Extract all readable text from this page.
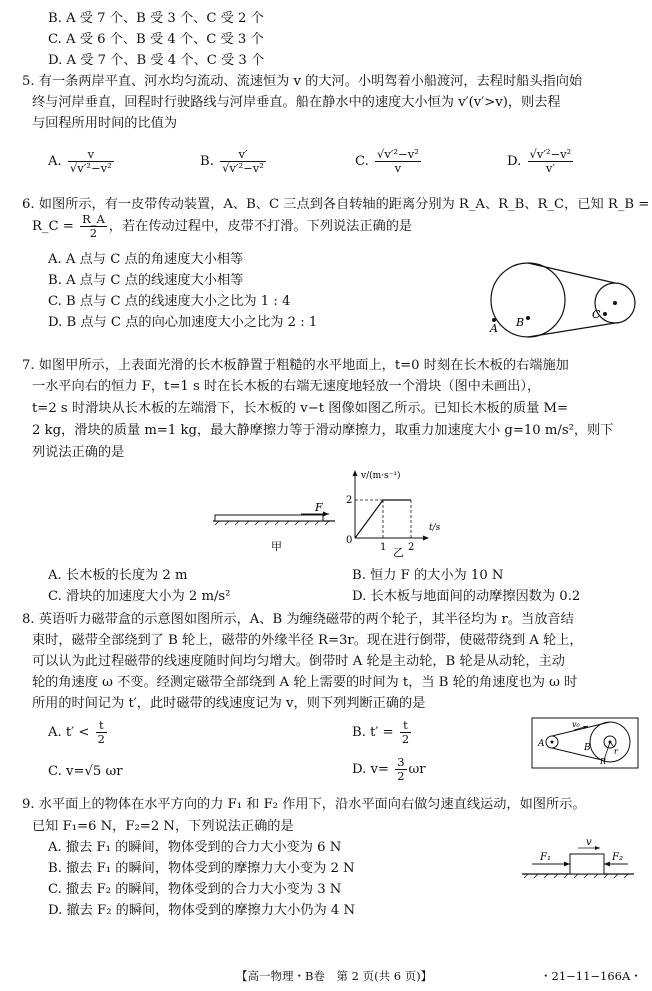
B. A 受 7 个、B 受 3 个、C 受 2 个
C. A 受 6 个、B 受 4 个、C 受 3 个
D. A 受 7 个、B 受 4 个、C 受 3 个
5. 有一条两岸平直、河水均匀流动、流速恒为 v 的大河。小明驾着小船渡河，去程时船头指向始
终与河岸垂直，回程时行驶路线与河岸垂直。船在静水中的速度大小恒为 v′(v′>v)，则去程
与回程所用时间的比值为
A. $\frac{v}{\text{√v′²−v²}}$	B. $\frac{v'}{\text{√v′²−v²}}$	C. $\frac{\text{√v′²−v²}}{v}$	D. $\frac{\text{√v′²−v²}}{v'}$
6. 如图所示，有一皮带传动装置，A、B、C 三点到各自转轴的距离分别为 R_A、R_B、R_C，已知 R_B =
R_C = $\frac{R\_A}{2}$ ，若在传动过程中，皮带不打滑。下列说法正确的是
A. A 点与 C 点的角速度大小相等
B. A 点与 C 点的线速度大小相等
C. B 点与 C 点的线速度大小之比为 1 : 4
D. B 点与 C 点的向心加速度大小之比为 2 : 1	A B
C
7. 如图甲所示，上表面光滑的长木板静置于粗糙的水平地面上，t=0 时刻在长木板的右端施加
一水平向右的恒力 F，t=1 s 时在长木板的右端无速度地轻放一个滑块（图中未画出），
t=2 s 时滑块从长木板的左端滑下，长木板的 v−t 图像如图乙所示。已知长木板的质量 M=
2 kg，滑块的质量 m=1 kg，最大静摩擦力等于滑动摩擦力，取重力加速度大小 g=10 m/s²，则下
列说法正确的是
F
甲
v/(m·s⁻¹)
t/s
2
0
1 2
乙
A. 长木板的长度为 2 m	B. 恒力 F 的大小为 10 N
C. 滑块的加速度大小为 2 m/s²	D. 长木板与地面间的动摩擦因数为 0.2
8. 英语听力磁带盒的示意图如图所示，A、B 为缠绕磁带的两个轮子，其半径均为 r。当放音结
束时，磁带全部绕到了 B 轮上，磁带的外缘半径 R=3r。现在进行倒带，使磁带绕到 A 轮上，
可以认为此过程磁带的线速度随时间均匀增大。倒带时 A 轮是主动轮，B 轮是从动轮，主动
轮的角速度 ω 不变。经测定磁带全部绕到 A 轮上需要的时间为 t，当 B 轮的角速度也为 ω 时
所用的时间记为 t′，此时磁带的线速度记为 v，则下列判断正确的是
A. $t' < \frac{t}{2}$	B. $t' = \frac{t}{2}$
C. v=√5 ωr	D. $v= \frac{3}{2}$ ωr
A	B
v₀
r
R
9. 水平面上的物体在水平方向的力 F₁ 和 F₂ 作用下，沿水平面向右做匀速直线运动，如图所示。
已知 F₁=6 N，F₂=2 N，下列说法正确的是
A. 撤去 F₁ 的瞬间，物体受到的合力大小变为 6 N
B. 撤去 F₁ 的瞬间，物体受到的摩擦力大小变为 2 N
C. 撤去 F₂ 的瞬间，物体受到的合力大小变为 3 N
D. 撤去 F₂ 的瞬间，物体受到的摩擦力大小仍为 4 N
v
F₁	F₂
【高一物理・B卷　第 2 页(共 6 页)】	・21−11−166A・
